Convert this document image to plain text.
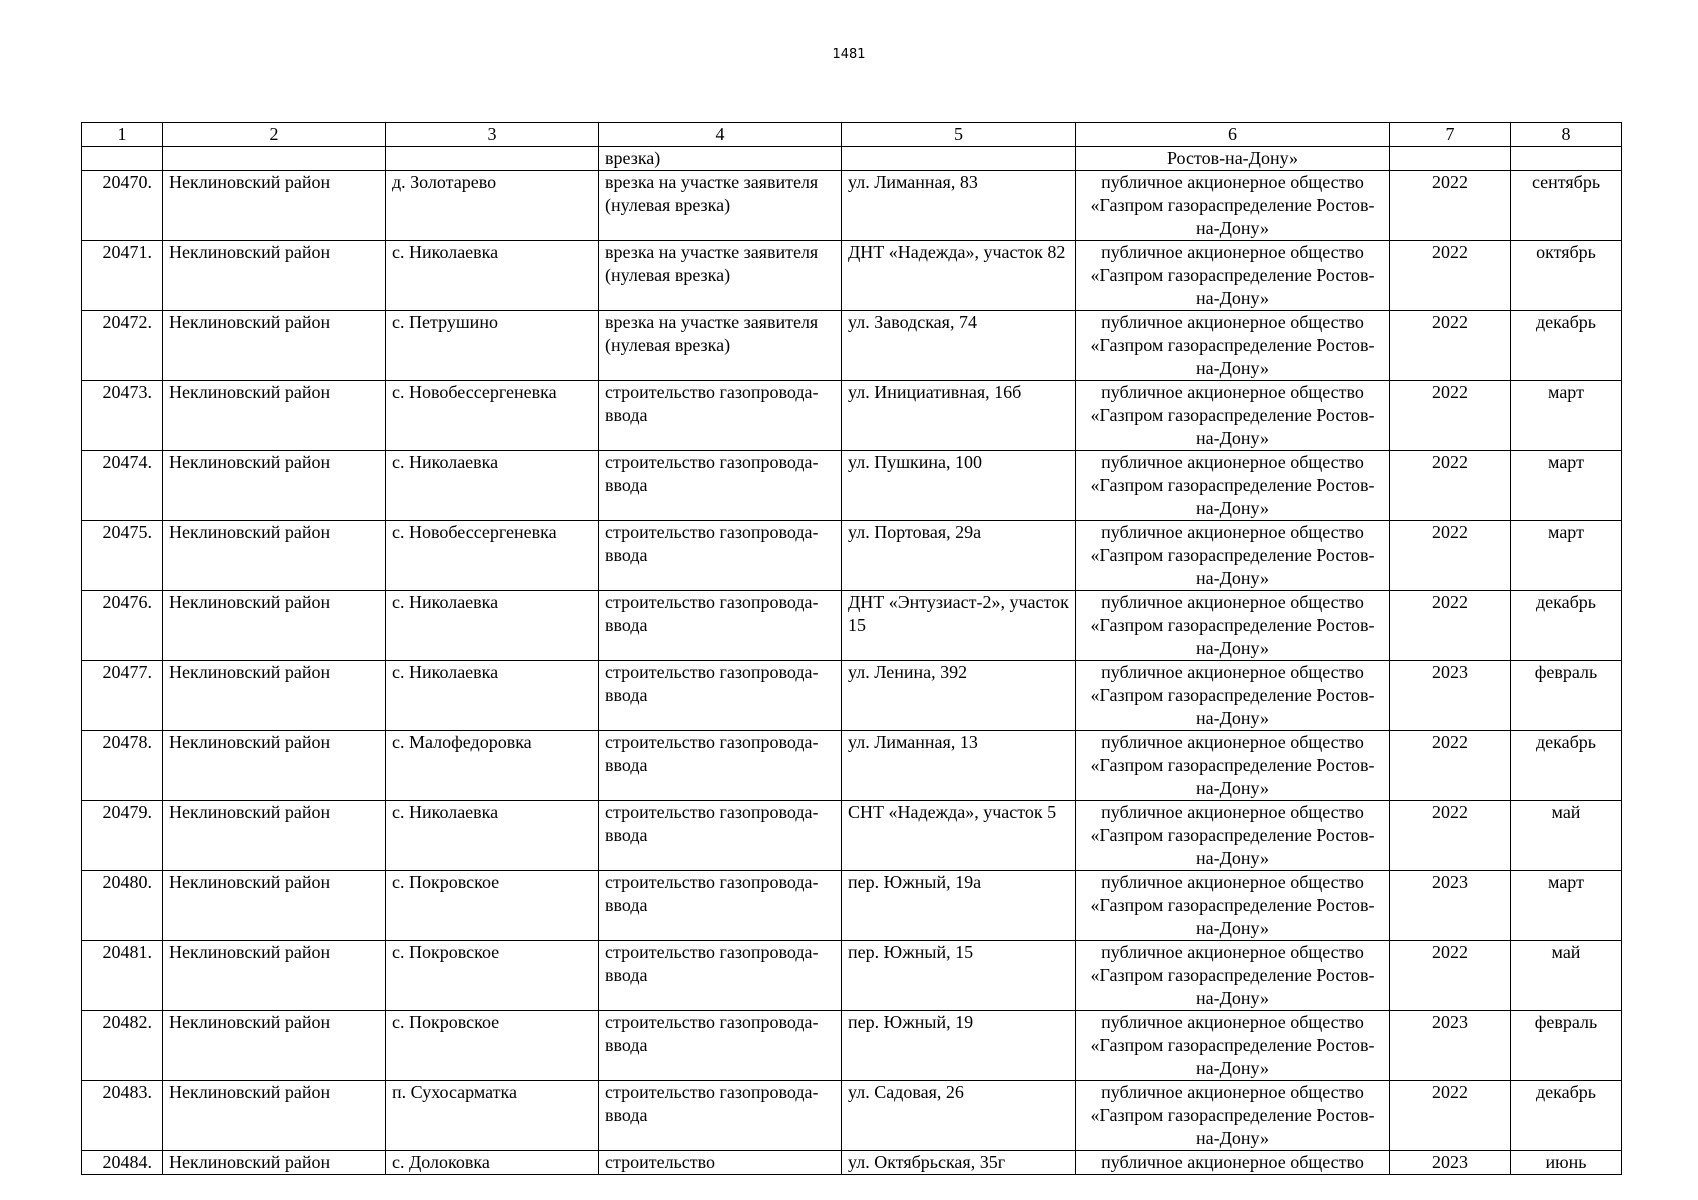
1481
1	2	3	4	5	6	7	8
			врезка)		Ростов-на-Дону»		
20470.	Неклиновский район	д. Золотарево	врезка на участке заявителя (нулевая врезка)	ул. Лиманная, 83	публичное акционерное общество «Газпром газораспределение Ростов-на-Дону»	2022	сентябрь
20471.	Неклиновский район	с. Николаевка	врезка на участке заявителя (нулевая врезка)	ДНТ «Надежда», участок 82	публичное акционерное общество «Газпром газораспределение Ростов-на-Дону»	2022	октябрь
20472.	Неклиновский район	с. Петрушино	врезка на участке заявителя (нулевая врезка)	ул. Заводская, 74	публичное акционерное общество «Газпром газораспределение Ростов-на-Дону»	2022	декабрь
20473.	Неклиновский район	с. Новобессергеневка	строительство газопровода-ввода	ул. Инициативная, 16б	публичное акционерное общество «Газпром газораспределение Ростов-на-Дону»	2022	март
20474.	Неклиновский район	с. Николаевка	строительство газопровода-ввода	ул. Пушкина, 100	публичное акционерное общество «Газпром газораспределение Ростов-на-Дону»	2022	март
20475.	Неклиновский район	с. Новобессергеневка	строительство газопровода-ввода	ул. Портовая, 29а	публичное акционерное общество «Газпром газораспределение Ростов-на-Дону»	2022	март
20476.	Неклиновский район	с. Николаевка	строительство газопровода-ввода	ДНТ «Энтузиаст-2», участок 15	публичное акционерное общество «Газпром газораспределение Ростов-на-Дону»	2022	декабрь
20477.	Неклиновский район	с. Николаевка	строительство газопровода-ввода	ул. Ленина, 392	публичное акционерное общество «Газпром газораспределение Ростов-на-Дону»	2023	февраль
20478.	Неклиновский район	с. Малофедоровка	строительство газопровода-ввода	ул. Лиманная, 13	публичное акционерное общество «Газпром газораспределение Ростов-на-Дону»	2022	декабрь
20479.	Неклиновский район	с. Николаевка	строительство газопровода-ввода	СНТ «Надежда», участок 5	публичное акционерное общество «Газпром газораспределение Ростов-на-Дону»	2022	май
20480.	Неклиновский район	с. Покровское	строительство газопровода-ввода	пер. Южный, 19а	публичное акционерное общество «Газпром газораспределение Ростов-на-Дону»	2023	март
20481.	Неклиновский район	с. Покровское	строительство газопровода-ввода	пер. Южный, 15	публичное акционерное общество «Газпром газораспределение Ростов-на-Дону»	2022	май
20482.	Неклиновский район	с. Покровское	строительство газопровода-ввода	пер. Южный, 19	публичное акционерное общество «Газпром газораспределение Ростов-на-Дону»	2023	февраль
20483.	Неклиновский район	п. Сухосарматка	строительство газопровода-ввода	ул. Садовая, 26	публичное акционерное общество «Газпром газораспределение Ростов-на-Дону»	2022	декабрь
20484.	Неклиновский район	с. Долоковка	строительство	ул. Октябрьская, 35г	публичное акционерное общество	2023	июнь
